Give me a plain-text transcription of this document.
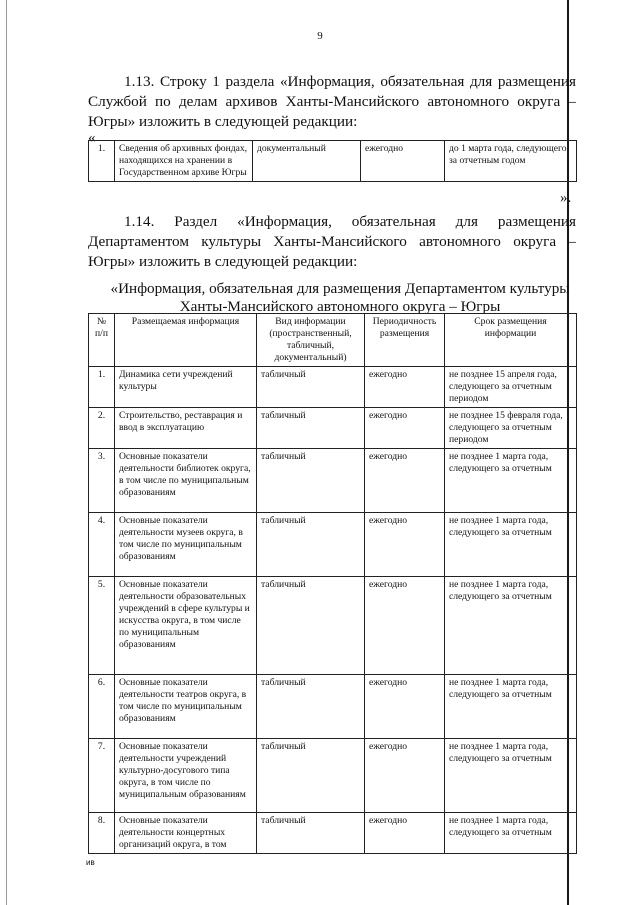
9
1.13. Строку 1 раздела «Информация, обязательная для размещения Службой по делам архивов Ханты-Мансийского автономного округа – Югры» изложить в следующей редакции:
«
1.	Сведения об архивных фондах, находящихся на хранении в Государственном архиве Югры	документальный	ежегодно	до 1 марта года, следующего за отчетным годом
».
1.14. Раздел «Информация, обязательная для размещения Департаментом культуры Ханты-Мансийского автономного округа – Югры» изложить в следующей редакции:
«Информация, обязательная для размещения Департаментом культуры Ханты-Мансийского автономного округа – Югры
№ п/п	Размещаемая информация	Вид информации (пространственный, табличный, документальный)	Периодичность размещения	Срок размещения информации
1.	Динамика сети учреждений культуры	табличный	ежегодно	не позднее 15 апреля года, следующего за отчетным периодом
2.	Строительство, реставрация и ввод в эксплуатацию	табличный	ежегодно	не позднее 15 февраля года, следующего за отчетным периодом
3.	Основные показатели деятельности библиотек округа, в том числе по муниципальным образованиям	табличный	ежегодно	не позднее 1 марта года, следующего за отчетным
4.	Основные показатели деятельности музеев округа, в том числе по муниципальным образованиям	табличный	ежегодно	не позднее 1 марта года, следующего за отчетным
5.	Основные показатели деятельности образовательных учреждений в сфере культуры и искусства округа, в том числе по муниципальным образованиям	табличный	ежегодно	не позднее 1 марта года, следующего за отчетным
6.	Основные показатели деятельности театров округа, в том числе по муниципальным образованиям	табличный	ежегодно	не позднее 1 марта года, следующего за отчетным
7.	Основные показатели деятельности учреждений культурно-досугового типа округа, в том числе по муниципальным образованиям	табличный	ежегодно	не позднее 1 марта года, следующего за отчетным
8.	Основные показатели деятельности концертных организаций округа, в том	табличный	ежегодно	не позднее 1 марта года, следующего за отчетным
ив
